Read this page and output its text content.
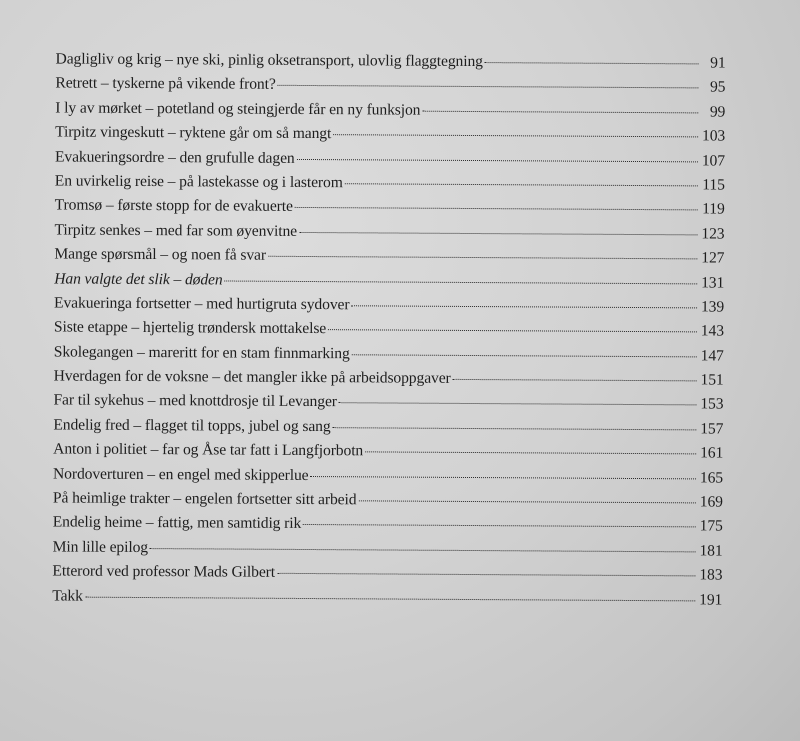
Dagligliv og krig – nye ski, pinlig oksetransport, ulovlig flaggtegning	91
Retrett – tyskerne på vikende front?	95
I ly av mørket – potetland og steingjerde får en ny funksjon	99
Tirpitz vingeskutt – ryktene går om så mangt	103
Evakueringsordre – den grufulle dagen	107
En uvirkelig reise – på lastekasse og i lasterom	115
Tromsø – første stopp for de evakuerte	119
Tirpitz senkes – med far som øyenvitne	123
Mange spørsmål – og noen få svar	127
Han valgte det slik – døden	131
Evakueringa fortsetter – med hurtigruta sydover	139
Siste etappe – hjertelig trøndersk mottakelse	143
Skolegangen – mareritt for en stam finnmarking	147
Hverdagen for de voksne – det mangler ikke på arbeidsoppgaver	151
Far til sykehus – med knottdrosje til Levanger	153
Endelig fred – flagget til topps, jubel og sang	157
Anton i politiet – far og Åse tar fatt i Langfjorbotn	161
Nordoverturen – en engel med skipperlue	165
På heimlige trakter – engelen fortsetter sitt arbeid	169
Endelig heime – fattig, men samtidig rik	175
Min lille epilog	181
Etterord ved professor Mads Gilbert	183
Takk	191
